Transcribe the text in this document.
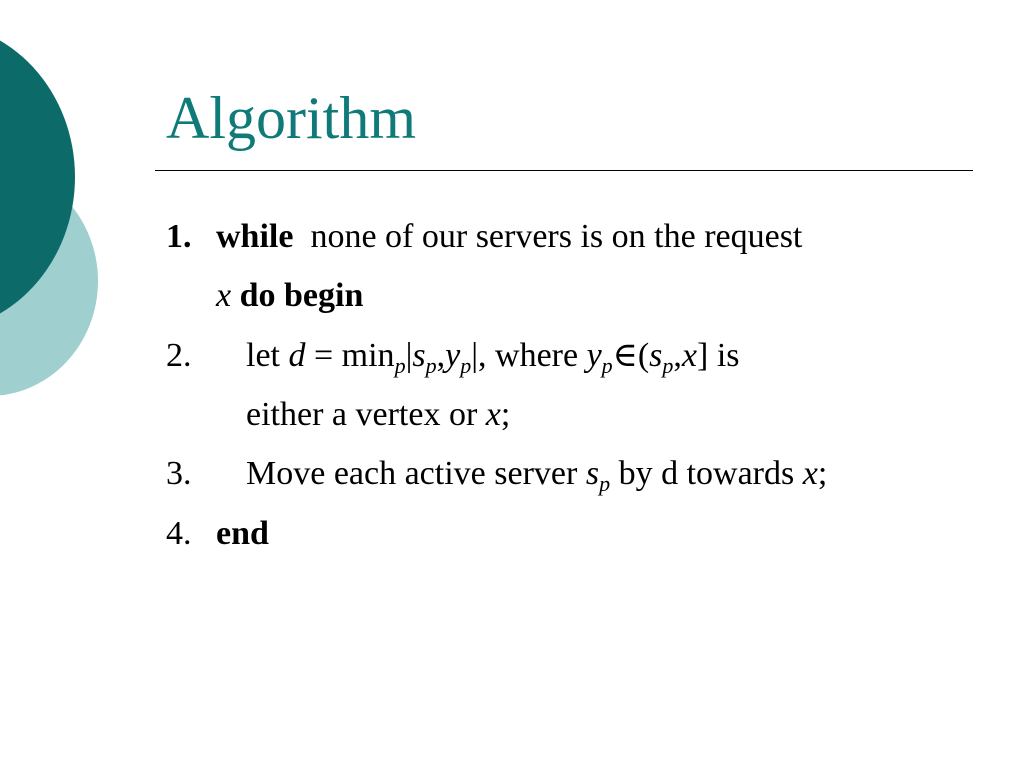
Algorithm
1. while none of our servers is on the request
x do begin
2. let $d = \min_p|s_p,y_p|$, where $y_p\in(s_p,x]$ is
either a vertex or x;
3. Move each active server $s_p$ by d towards x;
4. end
